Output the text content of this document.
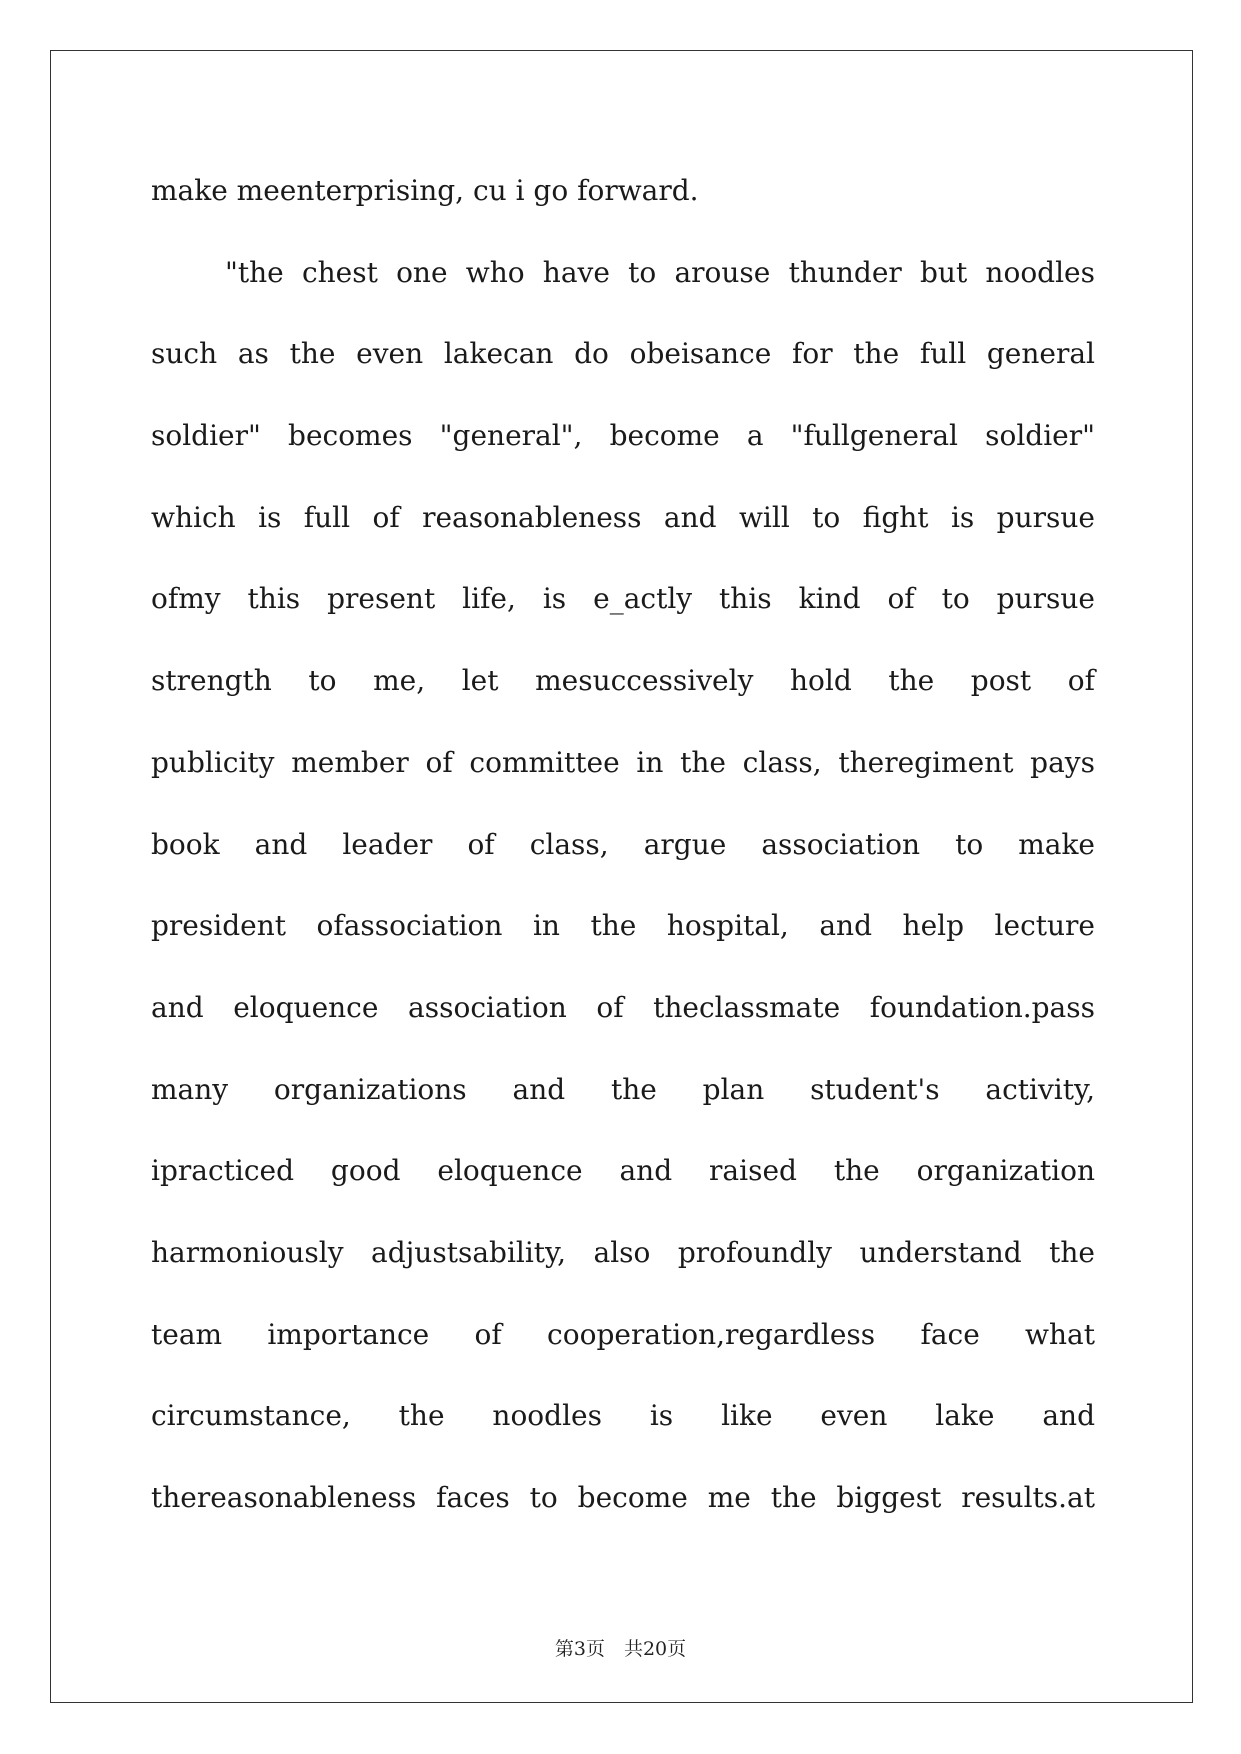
make meenterprising, cu i go forward.
"the chest one who have to arouse thunder but noodles
such as the even lakecan do obeisance for the full general
soldier" becomes "general", become a "fullgeneral soldier"
which is full of reasonableness and will to fight is pursue
ofmy this present life, is e_actly this kind of to pursue
strength to me, let mesuccessively hold the post of
publicity member of committee in the class, theregiment pays
book and leader of class, argue association to make
president ofassociation in the hospital, and help lecture
and eloquence association of theclassmate foundation.pass
many organizations and the plan student's activity,
ipracticed good eloquence and raised the organization
harmoniously adjustsability, also profoundly understand the
team importance of cooperation,regardless face what
circumstance, the noodles is like even lake and
thereasonableness faces to become me the biggest results.at
第3页　共20页
